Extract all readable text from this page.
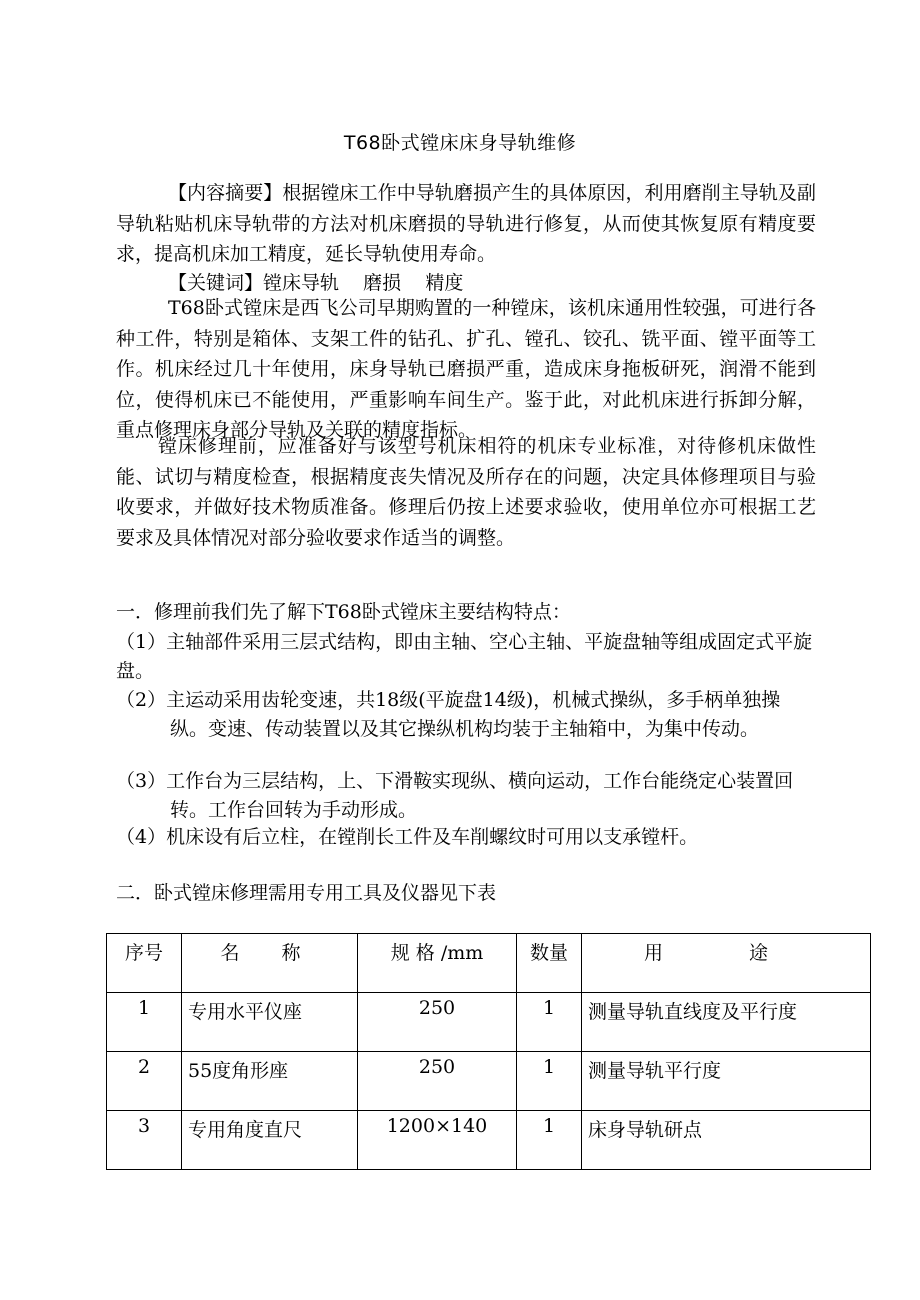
T68卧式镗床床身导轨维修

【内容摘要】根据镗床工作中导轨磨损产生的具体原因，利用磨削主导轨及副导轨粘贴机床导轨带的方法对机床磨损的导轨进行修复，从而使其恢复原有精度要求，提高机床加工精度，延长导轨使用寿命。

【关键词】镗床导轨    磨损    精度

T68卧式镗床是西飞公司早期购置的一种镗床，该机床通用性较强，可进行各种工件，特别是箱体、支架工件的钻孔、扩孔、镗孔、铰孔、铣平面、镗平面等工作。机床经过几十年使用，床身导轨已磨损严重，造成床身拖板研死，润滑不能到位，使得机床已不能使用，严重影响车间生产。鉴于此，对此机床进行拆卸分解，重点修理床身部分导轨及关联的精度指标。

镗床修理前，应准备好与该型号机床相符的机床专业标准，对待修机床做性能、试切与精度检查，根据精度丧失情况及所存在的问题，决定具体修理项目与验收要求，并做好技术物质准备。修理后仍按上述要求验收，使用单位亦可根据工艺要求及具体情况对部分验收要求作适当的调整。

一．修理前我们先了解下T68卧式镗床主要结构特点：

（1）主轴部件采用三层式结构，即由主轴、空心主轴、平旋盘轴等组成固定式平旋盘。

（2）主运动采用齿轮变速，共18级(平旋盘14级)，机械式操纵，多手柄单独操纵。变速、传动装置以及其它操纵机构均装于主轴箱中，为集中传动。

（3）工作台为三层结构，上、下滑鞍实现纵、横向运动，工作台能绕定心装置回转。工作台回转为手动形成。

（4）机床设有后立柱，在镗削长工件及车削螺纹时可用以支承镗杆。

二．卧式镗床修理需用专用工具及仪器见下表
序号	名 称	规 格 /mm	数量	用 途
1	专用水平仪座	250	1	测量导轨直线度及平行度
2	55度角形座	250	1	测量导轨平行度
3	专用角度直尺	1200×140	1	床身导轨研点
